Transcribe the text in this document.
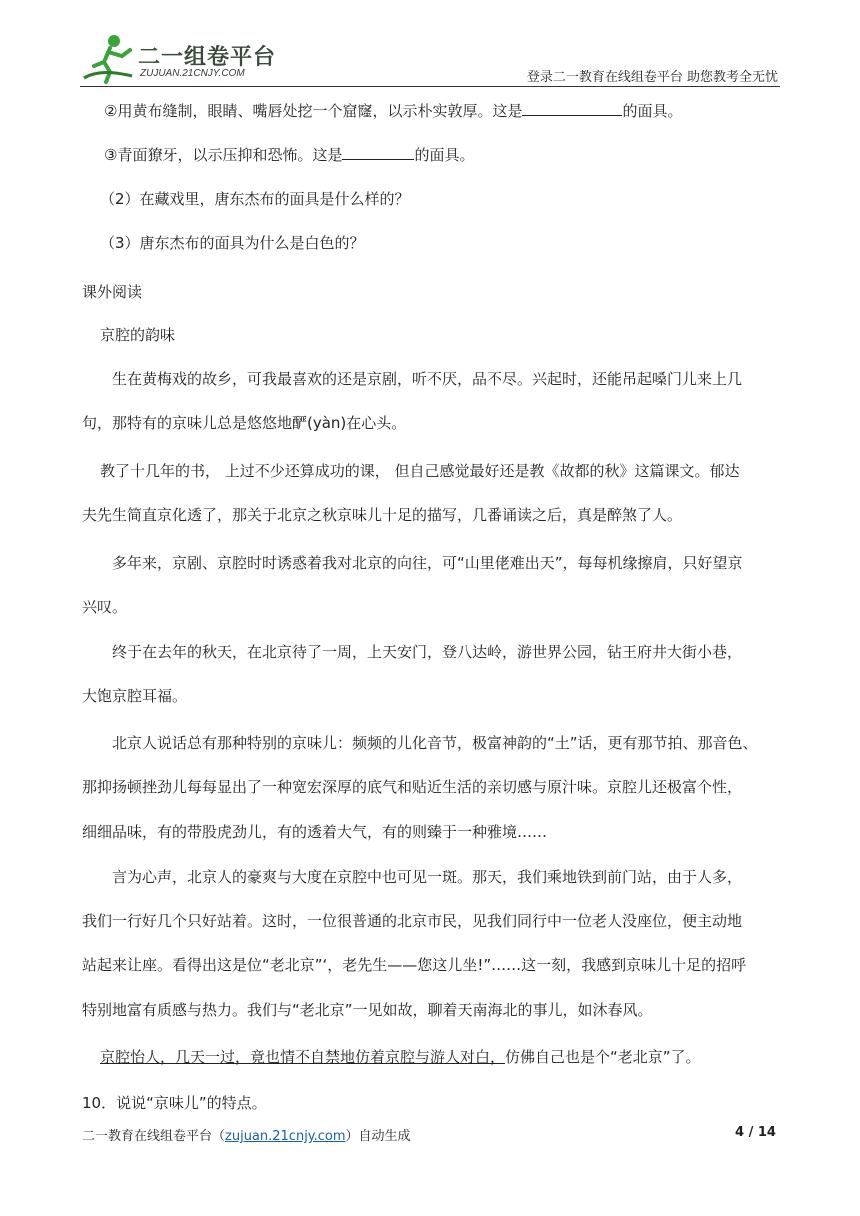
二一组卷平台
ZUJUAN.21CNJY.COM	登录二一教育在线组卷平台 助您教考全无忧
②用黄布缝制，眼睛、嘴唇处挖一个窟窿，以示朴实敦厚。这是	的面具。
③青面獠牙，以示压抑和恐怖。这是	的面具。
（2）在藏戏里，唐东杰布的面具是什么样的？
（3）唐东杰布的面具为什么是白色的？
课外阅读
京腔的韵味
生在黄梅戏的故乡，可我最喜欢的还是京剧，听不厌，品不尽。兴起时，还能吊起嗓门儿来上几
句，那特有的京味儿总是悠悠地酽(yàn)在心头。
教了十几年的书， 上过不少还算成功的课， 但自己感觉最好还是教《故都的秋》这篇课文。郁达
夫先生简直京化透了，那关于北京之秋京味儿十足的描写，几番诵读之后，真是醉煞了人。
多年来，京剧、京腔时时诱惑着我对北京的向往，可“山里佬难出天”，每每机缘擦肩，只好望京
兴叹。
终于在去年的秋天，在北京待了一周，上天安门，登八达岭，游世界公园，钻王府井大街小巷，
大饱京腔耳福。
北京人说话总有那种特别的京味儿：频频的儿化音节，极富神韵的“土”话，更有那节拍、那音色、
那抑扬顿挫劲儿每每显出了一种宽宏深厚的底气和贴近生活的亲切感与原汁味。京腔儿还极富个性，
细细品味，有的带股虎劲儿，有的透着大气，有的则臻于一种雅境……
言为心声，北京人的豪爽与大度在京腔中也可见一斑。那天，我们乘地铁到前门站，由于人多，
我们一行好几个只好站着。这时，一位很普通的北京市民，见我们同行中一位老人没座位，便主动地
站起来让座。看得出这是位“老北京”‘，老先生——您这儿坐!”……这一刻，我感到京味儿十足的招呼
特别地富有质感与热力。我们与“老北京”一见如故，聊着天南海北的事儿，如沐春风。
京腔怡人，几天一过，竟也情不自禁地仿着京腔与游人对白，仿佛自己也是个“老北京”了。
10．说说“京味儿”的特点。
二一教育在线组卷平台（zujuan.21cnjy.com）自动生成	4 / 14
